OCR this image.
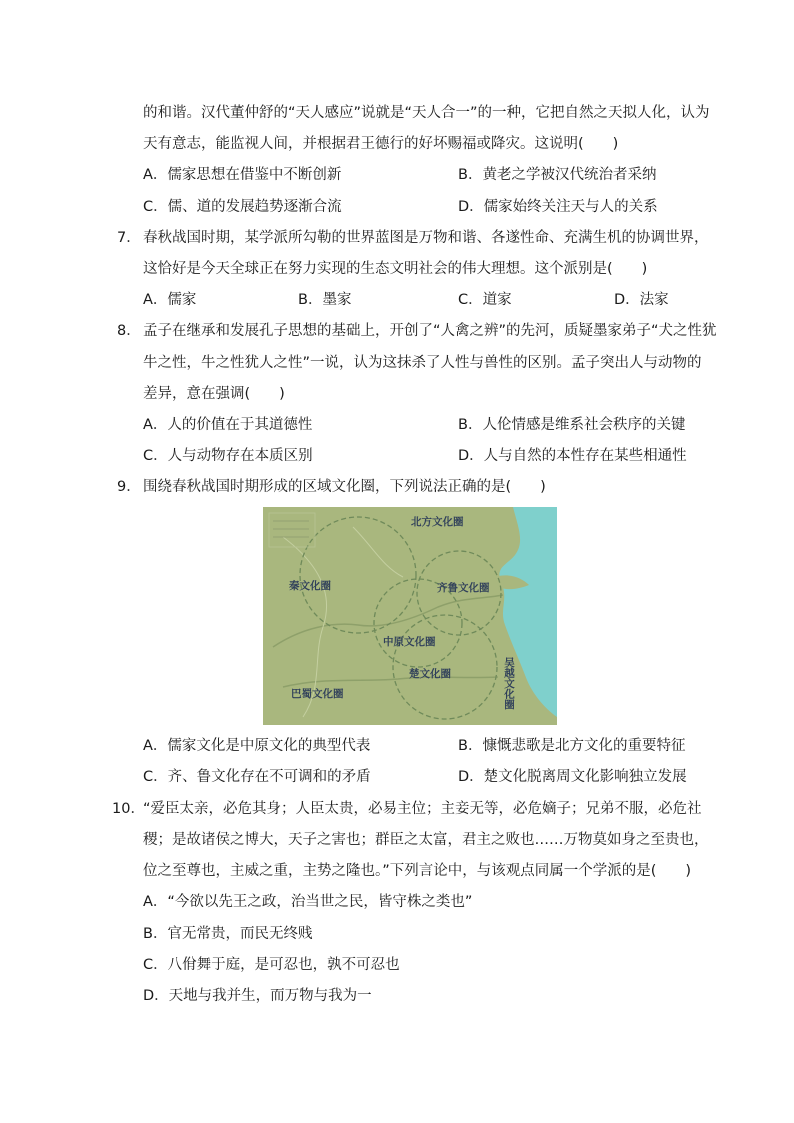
的和谐。汉代董仲舒的“天人感应”说就是“天人合一”的一种，它把自然之天拟人化，认为
天有意志，能监视人间，并根据君王德行的好坏赐福或降灾。这说明(　　)
A．儒家思想在借鉴中不断创新	B．黄老之学被汉代统治者采纳
C．儒、道的发展趋势逐渐合流	D．儒家始终关注天与人的关系
7． 春秋战国时期，某学派所勾勒的世界蓝图是万物和谐、各遂性命、充满生机的协调世界，
这恰好是今天全球正在努力实现的生态文明社会的伟大理想。这个派别是(　　)
A．儒家	B．墨家	C．道家	D．法家
8． 孟子在继承和发展孔子思想的基础上，开创了“人禽之辨”的先河，质疑墨家弟子“犬之性犹
牛之性，牛之性犹人之性”一说，认为这抹杀了人性与兽性的区别。孟子突出人与动物的
差异，意在强调(　　)
A．人的价值在于其道德性	B．人伦情感是维系社会秩序的关键
C．人与动物存在本质区别	D．人与自然的本性存在某些相通性
9． 围绕春秋战国时期形成的区域文化圈，下列说法正确的是(　　)
北方文化圈
秦文化圈	齐鲁文化圈
中原文化圈
楚文化圈
巴蜀文化圈	吴越文化圈
A．儒家文化是中原文化的典型代表	B．慷慨悲歌是北方文化的重要特征
C．齐、鲁文化存在不可调和的矛盾	D．楚文化脱离周文化影响独立发展
10．
“爱臣太亲，必危其身；人臣太贵，必易主位；主妾无等，必危嫡子；兄弟不服，必危社
稷；是故诸侯之博大，天子之害也；群臣之太富，君主之败也……万物莫如身之至贵也，
位之至尊也，主威之重，主势之隆也。”下列言论中，与该观点同属一个学派的是(　　)
A．“今欲以先王之政，治当世之民，皆守株之类也”
B．官无常贵，而民无终贱
C．八佾舞于庭，是可忍也，孰不可忍也
D．天地与我并生，而万物与我为一
